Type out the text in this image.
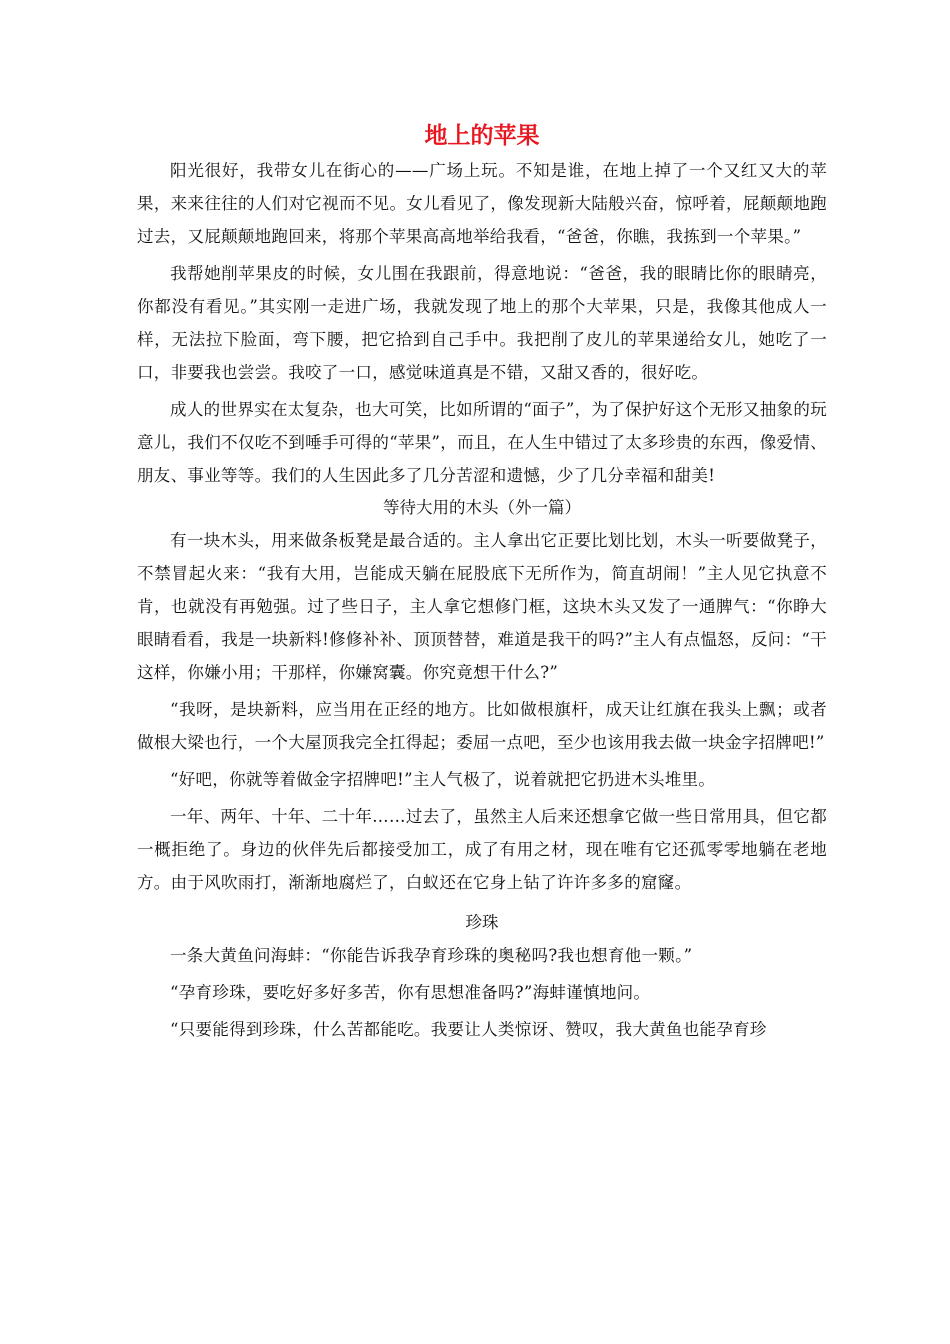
地上的苹果

阳光很好，我带女儿在街心的——广场上玩。不知是谁，在地上掉了一个又红又大的苹果，来来往往的人们对它视而不见。女儿看见了，像发现新大陆般兴奋，惊呼着，屁颠颠地跑过去，又屁颠颠地跑回来，将那个苹果高高地举给我看，“爸爸，你瞧，我拣到一个苹果。”

我帮她削苹果皮的时候，女儿围在我跟前，得意地说：“爸爸，我的眼睛比你的眼睛亮，你都没有看见。”其实刚一走进广场，我就发现了地上的那个大苹果，只是，我像其他成人一样，无法拉下脸面，弯下腰，把它拾到自己手中。我把削了皮儿的苹果递给女儿，她吃了一口，非要我也尝尝。我咬了一口，感觉味道真是不错，又甜又香的，很好吃。

成人的世界实在太复杂，也大可笑，比如所谓的“面子”，为了保护好这个无形又抽象的玩意儿，我们不仅吃不到唾手可得的“苹果”，而且，在人生中错过了太多珍贵的东西，像爱情、朋友、事业等等。我们的人生因此多了几分苦涩和遗憾，少了几分幸福和甜美!

等待大用的木头（外一篇）

有一块木头，用来做条板凳是最合适的。主人拿出它正要比划比划，木头一听要做凳子，不禁冒起火来：“我有大用，岂能成天躺在屁股底下无所作为，简直胡闹！”主人见它执意不肯，也就没有再勉强。过了些日子，主人拿它想修门框，这块木头又发了一通脾气：“你睁大眼睛看看，我是一块新料!修修补补、顶顶替替，难道是我干的吗?”主人有点愠怒，反问：“干这样，你嫌小用；干那样，你嫌窝囊。你究竟想干什么?”

“我呀，是块新料，应当用在正经的地方。比如做根旗杆，成天让红旗在我头上飘；或者做根大梁也行，一个大屋顶我完全扛得起；委屈一点吧，至少也该用我去做一块金字招牌吧!”

“好吧，你就等着做金字招牌吧!”主人气极了，说着就把它扔进木头堆里。

一年、两年、十年、二十年……过去了，虽然主人后来还想拿它做一些日常用具，但它都一概拒绝了。身边的伙伴先后都接受加工，成了有用之材，现在唯有它还孤零零地躺在老地方。由于风吹雨打，渐渐地腐烂了，白蚁还在它身上钻了许许多多的窟窿。

珍珠

一条大黄鱼问海蚌：“你能告诉我孕育珍珠的奥秘吗?我也想育他一颗。”

“孕育珍珠，要吃好多好多苦，你有思想准备吗?”海蚌谨慎地问。

“只要能得到珍珠，什么苦都能吃。我要让人类惊讶、赞叹，我大黄鱼也能孕育珍
